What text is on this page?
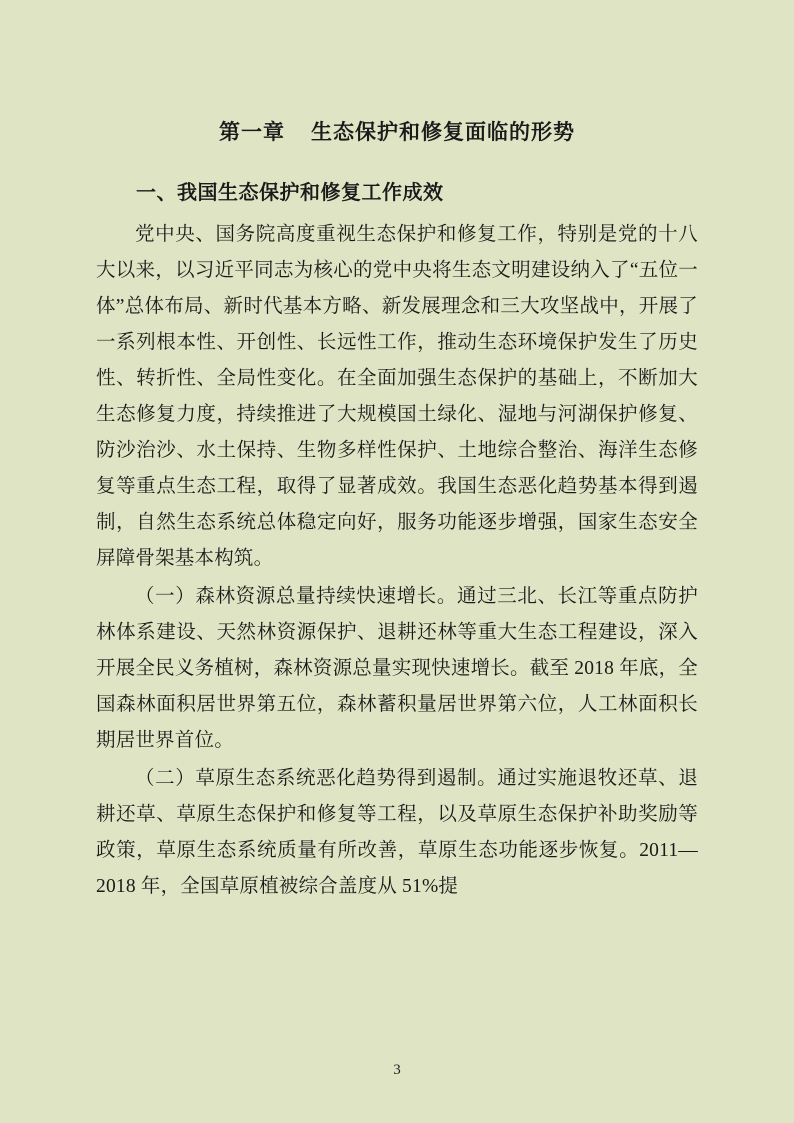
第一章 生态保护和修复面临的形势
一、我国生态保护和修复工作成效

党中央、国务院高度重视生态保护和修复工作，特别是党的十八大以来，以习近平同志为核心的党中央将生态文明建设纳入了“五位一体”总体布局、新时代基本方略、新发展理念和三大攻坚战中，开展了一系列根本性、开创性、长远性工作，推动生态环境保护发生了历史性、转折性、全局性变化。在全面加强生态保护的基础上，不断加大生态修复力度，持续推进了大规模国土绿化、湿地与河湖保护修复、防沙治沙、水土保持、生物多样性保护、土地综合整治、海洋生态修复等重点生态工程，取得了显著成效。我国生态恶化趋势基本得到遏制，自然生态系统总体稳定向好，服务功能逐步增强，国家生态安全屏障骨架基本构筑。

（一）森林资源总量持续快速增长。通过三北、长江等重点防护林体系建设、天然林资源保护、退耕还林等重大生态工程建设，深入开展全民义务植树，森林资源总量实现快速增长。截至 2018 年底，全国森林面积居世界第五位，森林蓄积量居世界第六位，人工林面积长期居世界首位。

（二）草原生态系统恶化趋势得到遏制。通过实施退牧还草、退耕还草、草原生态保护和修复等工程，以及草原生态保护补助奖励等政策，草原生态系统质量有所改善，草原生态功能逐步恢复。2011—2018 年，全国草原植被综合盖度从 51%提

3
